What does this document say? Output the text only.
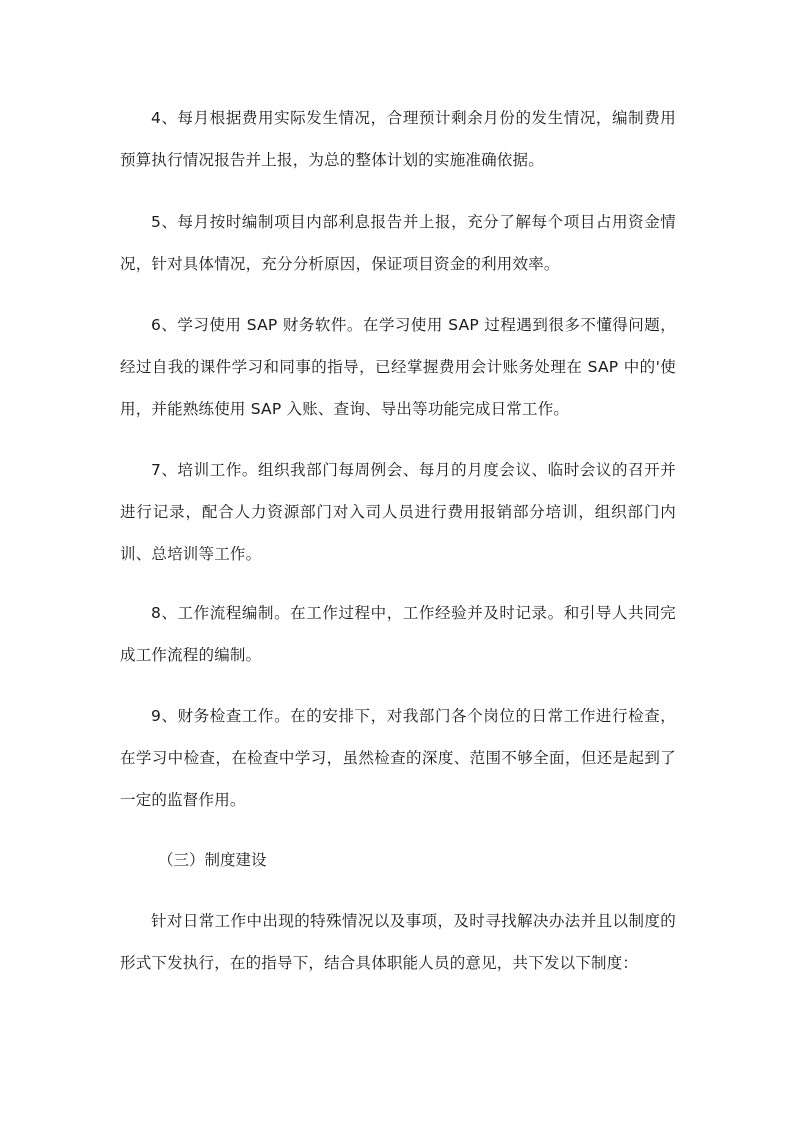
4、每月根据费用实际发生情况，合理预计剩余月份的发生情况，编制费用预算执行情况报告并上报，为总的整体计划的实施准确依据。

5、每月按时编制项目内部利息报告并上报，充分了解每个项目占用资金情况，针对具体情况，充分分析原因，保证项目资金的利用效率。

6、学习使用 SAP 财务软件。在学习使用 SAP 过程遇到很多不懂得问题，经过自我的课件学习和同事的指导，已经掌握费用会计账务处理在 SAP 中的'使用，并能熟练使用 SAP 入账、查询、导出等功能完成日常工作。

7、培训工作。组织我部门每周例会、每月的月度会议、临时会议的召开并进行记录，配合人力资源部门对入司人员进行费用报销部分培训，组织部门内训、总培训等工作。

8、工作流程编制。在工作过程中，工作经验并及时记录。和引导人共同完成工作流程的编制。

9、财务检查工作。在的安排下，对我部门各个岗位的日常工作进行检查，在学习中检查，在检查中学习，虽然检查的深度、范围不够全面，但还是起到了一定的监督作用。

（三）制度建设

针对日常工作中出现的特殊情况以及事项，及时寻找解决办法并且以制度的形式下发执行，在的指导下，结合具体职能人员的意见，共下发以下制度：
